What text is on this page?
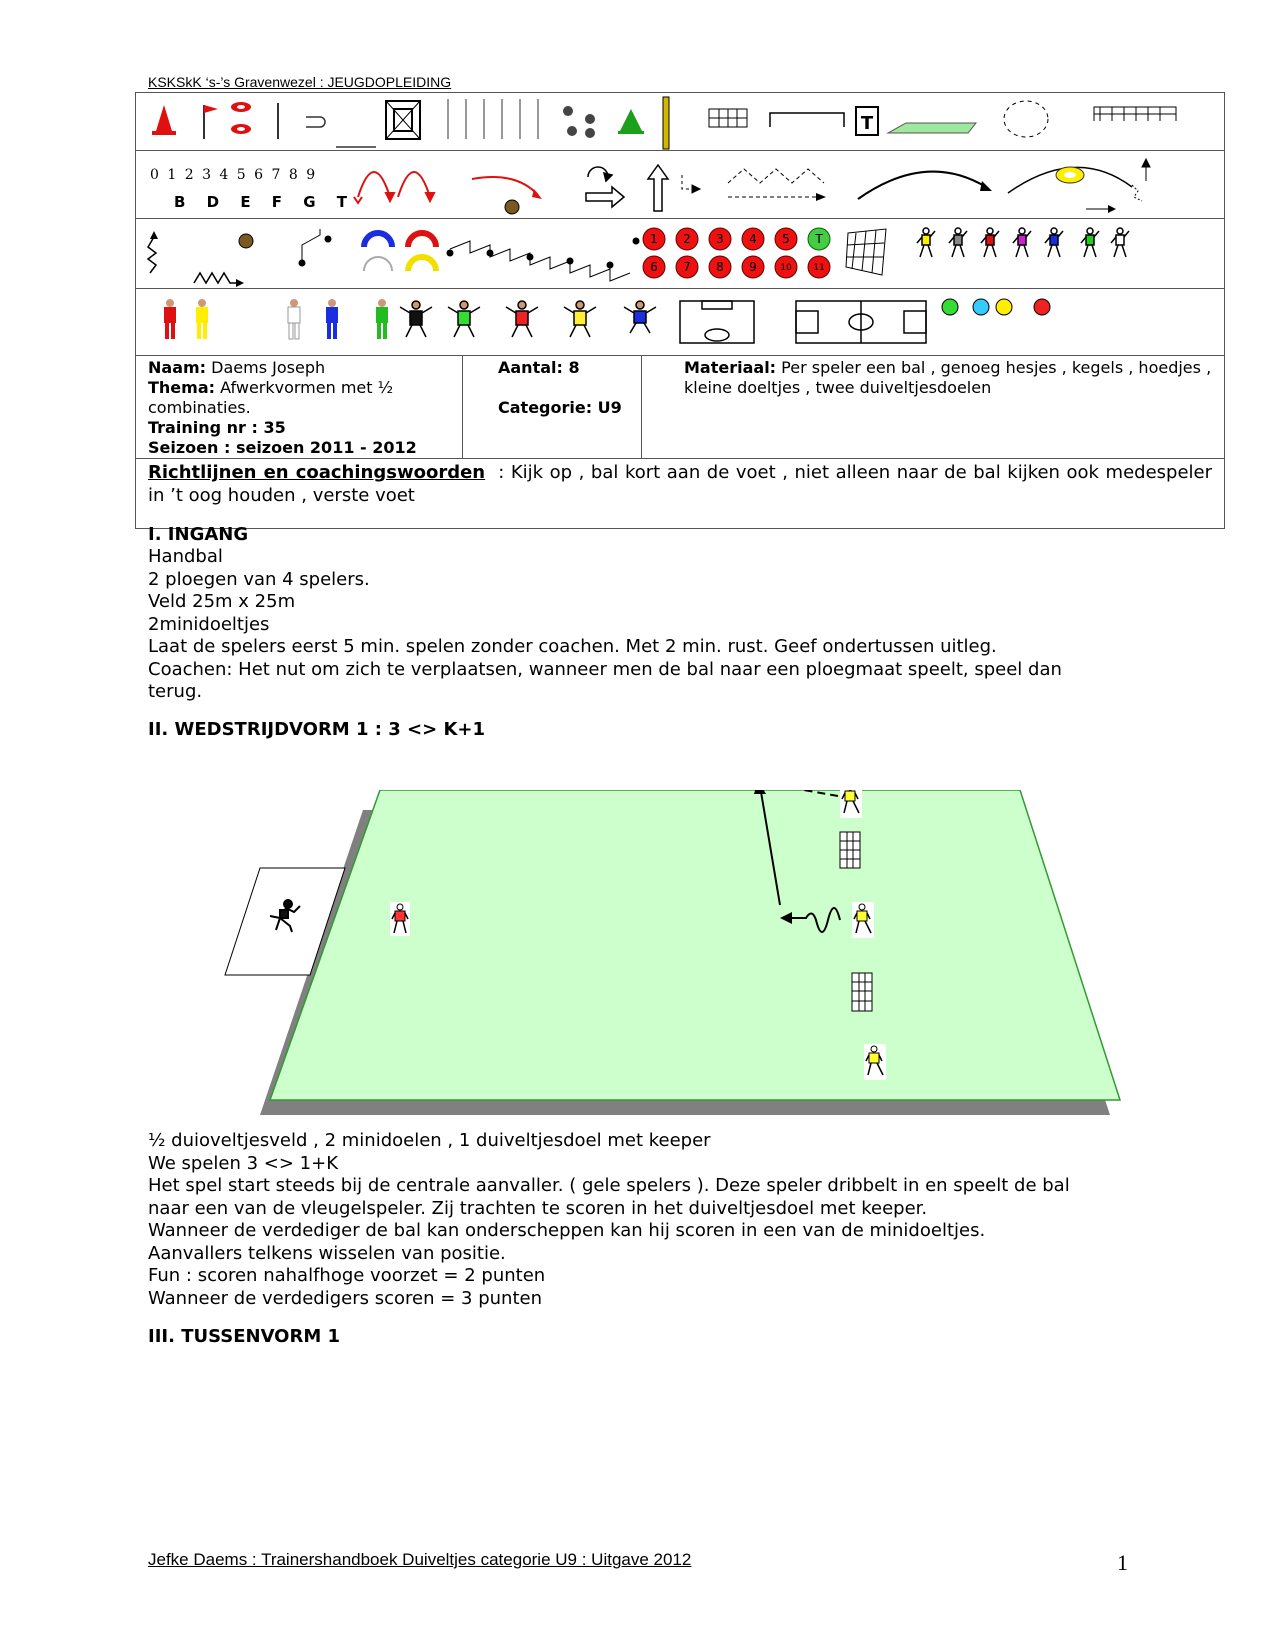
KSKSkK ‘s-’s Gravenwezel : JEUGDOPLEIDING
T
0 1 2 3 4 5 6 7 8 9
B D E F G T
1 2 3 4 5 T
6 7 8 9	10 11
Naam: Daems Joseph
Thema: Afwerkvormen met ½ combinaties.
Training nr : 35
Seizoen : seizoen 2011 - 2012
Aantal: 8

Categorie: U9
Materiaal: Per speler een bal , genoeg hesjes , kegels , hoedjes , kleine doeltjes , twee duiveltjesdoelen
Richtlijnen en coachingswoorden : Kijk op , bal kort aan de voet , niet alleen naar de bal kijken ook medespeler in ’t oog houden , verste voet
I. INGANG
Handbal
2 ploegen van 4 spelers.
Veld 25m x 25m
2minidoeltjes
Laat de spelers eerst 5 min. spelen zonder coachen. Met 2 min. rust. Geef ondertussen uitleg.
Coachen: Het nut om zich te verplaatsen, wanneer men de bal naar een ploegmaat speelt, speel dan
terug.
II. WEDSTRIJDVORM 1 : 3 <> K+1
½ duioveltjesveld , 2 minidoelen , 1 duiveltjesdoel met keeper
We spelen 3 <> 1+K
Het spel start steeds bij de centrale aanvaller. ( gele spelers ). Deze speler dribbelt in en speelt de bal
naar een van de vleugelspeler. Zij trachten te scoren in het duiveltjesdoel met keeper.
Wanneer de verdediger de bal kan onderscheppen kan hij scoren in een van de minidoeltjes.
Aanvallers telkens wisselen van positie.
Fun : scoren nahalfhoge voorzet = 2 punten
Wanneer de verdedigers scoren = 3 punten
III. TUSSENVORM 1
Jefke Daems : Trainershandboek Duiveltjes categorie U9 : Uitgave 2012	1
